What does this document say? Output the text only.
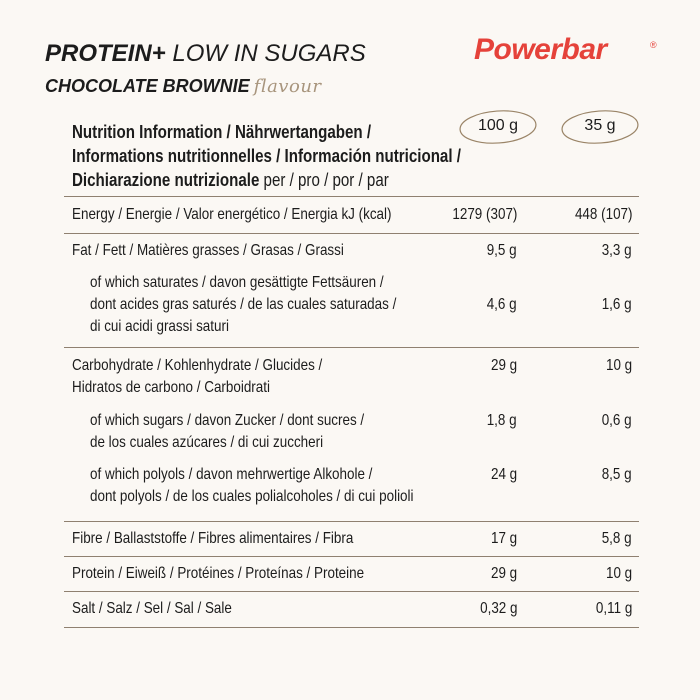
PROTEIN+ LOW IN SUGARS
CHOCOLATE BROWNIE flavour
Powerbar	®
Nutrition Information / Nährwertangaben /
Informations nutritionnelles / Información nutricional /
Dichiarazione nutrizionale per / pro / por / par
100 g	35 g
Energy / Energie / Valor energético / Energia kJ (kcal)	1279 (307)	448 (107)
Fat / Fett / Matières grasses / Grasas / Grassi	9,5 g	3,3 g
of which saturates / davon gesättigte Fettsäuren /
dont acides gras saturés / de las cuales saturadas /
di cui acidi grassi saturi
4,6 g	1,6 g
Carbohydrate / Kohlenhydrate / Glucides /
Hidratos de carbono / Carboidrati
29 g	10 g
of which sugars / davon Zucker / dont sucres /
de los cuales azúcares / di cui zuccheri
1,8 g	0,6 g
of which polyols / davon mehrwertige Alkohole /
dont polyols / de los cuales polialcoholes / di cui polioli
24 g	8,5 g
Fibre / Ballaststoffe / Fibres alimentaires / Fibra	17 g	5,8 g
Protein / Eiweiß / Protéines / Proteínas / Proteine	29 g	10 g
Salt / Salz / Sel / Sal / Sale	0,32 g	0,11 g
